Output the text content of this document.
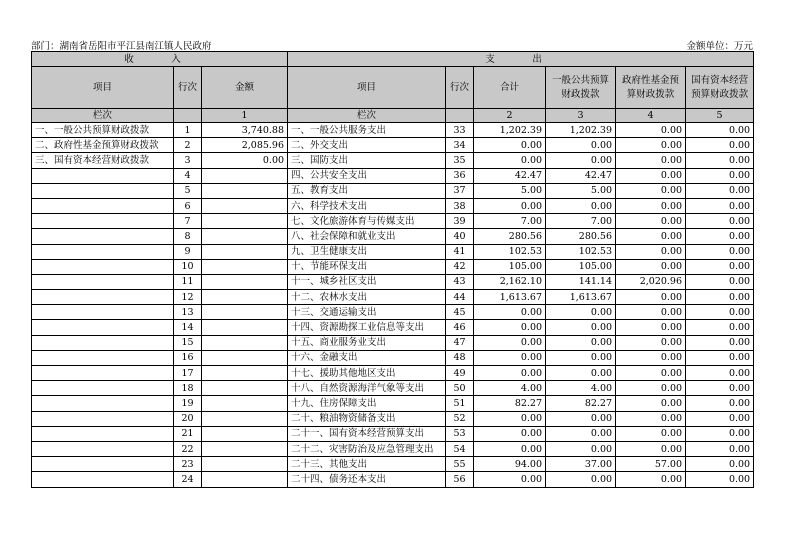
部门：湖南省岳阳市平江县南江镇人民政府	金额单位：万元
收　入			支　出					
项目	行次	金额	项目	行次	合计	一般公共预算财政拨款	政府性基金预算财政拨款	国有资本经营预算财政拨款
栏次		1	栏次		2	3	4	5
一、一般公共预算财政拨款	1	3,740.88	一、一般公共服务支出	33	1,202.39	1,202.39	0.00	0.00
二、政府性基金预算财政拨款	2	2,085.96	二、外交支出	34	0.00	0.00	0.00	0.00
三、国有资本经营财政拨款	3	0.00	三、国防支出	35	0.00	0.00	0.00	0.00
	4		四、公共安全支出	36	42.47	42.47	0.00	0.00
	5		五、教育支出	37	5.00	5.00	0.00	0.00
	6		六、科学技术支出	38	0.00	0.00	0.00	0.00
	7		七、文化旅游体育与传媒支出	39	7.00	7.00	0.00	0.00
	8		八、社会保障和就业支出	40	280.56	280.56	0.00	0.00
	9		九、卫生健康支出	41	102.53	102.53	0.00	0.00
	10		十、节能环保支出	42	105.00	105.00	0.00	0.00
	11		十一、城乡社区支出	43	2,162.10	141.14	2,020.96	0.00
	12		十二、农林水支出	44	1,613.67	1,613.67	0.00	0.00
	13		十三、交通运输支出	45	0.00	0.00	0.00	0.00
	14		十四、资源勘探工业信息等支出	46	0.00	0.00	0.00	0.00
	15		十五、商业服务业支出	47	0.00	0.00	0.00	0.00
	16		十六、金融支出	48	0.00	0.00	0.00	0.00
	17		十七、援助其他地区支出	49	0.00	0.00	0.00	0.00
	18		十八、自然资源海洋气象等支出	50	4.00	4.00	0.00	0.00
	19		十九、住房保障支出	51	82.27	82.27	0.00	0.00
	20		二十、粮油物资储备支出	52	0.00	0.00	0.00	0.00
	21		二十一、国有资本经营预算支出	53	0.00	0.00	0.00	0.00
	22		二十二、灾害防治及应急管理支出	54	0.00	0.00	0.00	0.00
	23		二十三、其他支出	55	94.00	37.00	57.00	0.00
	24		二十四、债务还本支出	56	0.00	0.00	0.00	0.00
